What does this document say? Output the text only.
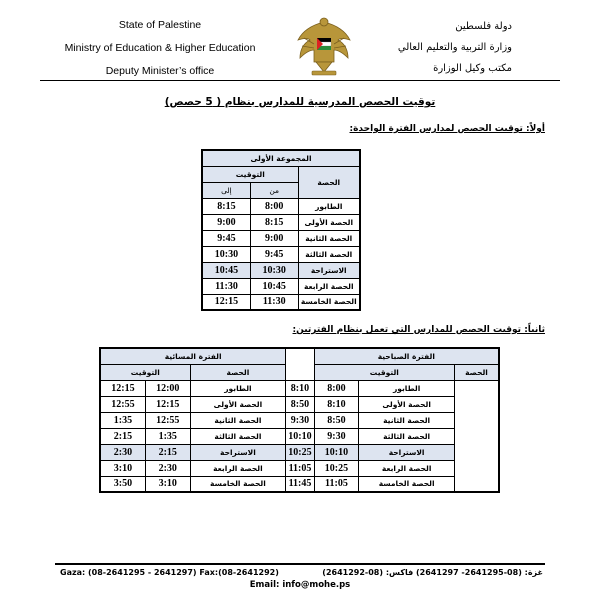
State of Palestine
Ministry of Education & Higher Education
Deputy Minister’s office
دولة فلسطين
وزارة التربية والتعليم العالي
مكتب وكيل الوزارة
توقيت الحصص المدرسية للمدارس بنظام ( 5 حصص)
أولاً: توقيت الحصص لمدارس الفترة الواحدة:
المجموعة الأولى		
التوقيت		الحصة
إلى	من	
8:15	8:00	الطابور
9:00	8:15	الحصة الأولى
9:45	9:00	الحصة الثانية
10:30	9:45	الحصة الثالثة
10:45	10:30	الاستراحة
11:30	10:45	الحصة الرابعة
12:15	11:30	الحصة الخامسة
ثانياً: توقيت الحصص للمدارس التي تعمل بنظام الفترتين:
الفترة المسائية				الفترة الصباحية		
التوقيت		الحصة		التوقيت		الحصة
12:15	12:00	الطابور	8:10	8:00	الطابور	
12:55	12:15	الحصة الأولى	8:50	8:10	الحصة الأولى	
1:35	12:55	الحصة الثانية	9:30	8:50	الحصة الثانية	
2:15	1:35	الحصة الثالثة	10:10	9:30	الحصة الثالثة	
2:30	2:15	الاستراحة	10:25	10:10	الاستراحة	
3:10	2:30	الحصة الرابعة	11:05	10:25	الحصة الرابعة	
3:50	3:10	الحصة الخامسة	11:45	11:05	الحصة الخامسة	
Gaza: (08-2641295 - 2641297) Fax:(08-2641292)	غزة: (08-2641295- 2641297) فاكس: (08-2641292)
Email: info@mohe.ps
